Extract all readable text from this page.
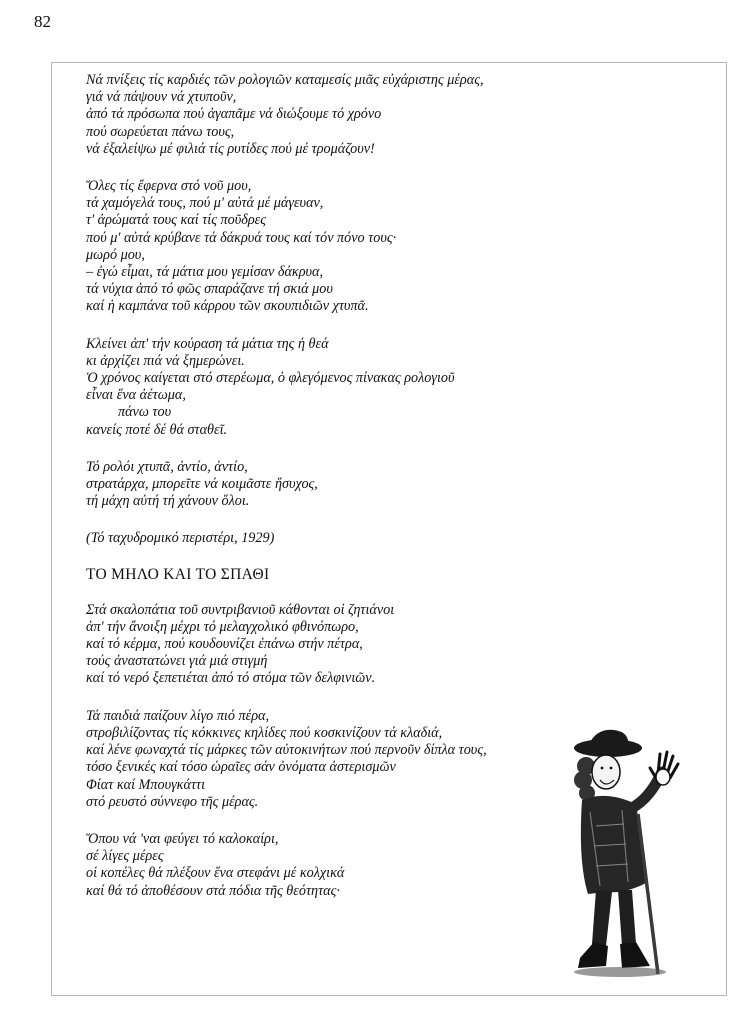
82
Νά πνίξεις τίς καρδιές τῶν ρολογιῶν καταμεσίς μιᾶς εὐχάριστης μέρας,
γιά νά πάψουν νά χτυποῦν,
ἀπό τά πρόσωπα πού ἀγαπᾶμε νά διώξουμε τό χρόνο
πού σωρεύεται πάνω τους,
νά ἐξαλείψω μέ φιλιά τίς ρυτίδες πού μέ τρομάζουν!
Ὅλες τίς ἔφερνα στό νοῦ μου,
τά χαμόγελά τους, πού μ' αὐτά μέ μάγευαν,
τ' ἀρώματά τους καί τίς ποῦδρες
πού μ' αὐτά κρύβανε τά δάκρυά τους καί τόν πόνο τους·
μωρό μου,
– ἐγώ εἶμαι, τά μάτια μου γεμίσαν δάκρυα,
τά νύχια ἀπό τό φῶς σπαράζανε τή σκιά μου
καί ἡ καμπάνα τοῦ κάρρου τῶν σκουπιδιῶν χτυπᾶ.
Κλείνει ἀπ' τήν κούραση τά μάτια της ἡ θεά
κι ἀρχίζει πιά νά ξημερώνει.
Ὁ χρόνος καίγεται στό στερέωμα, ὁ φλεγόμενος πίνακας ρολογιοῦ
εἶναι ἕνα ἀέτωμα,
πάνω του
κανείς ποτέ δέ θά σταθεῖ.
Τό ρολόι χτυπᾶ, ἀντίο, ἀντίο,
στρατάρχα, μπορεῖτε νά κοιμᾶστε ἥσυχος,
τή μάχη αὐτή τή χάνουν ὅλοι.
(Τό ταχυδρομικό περιστέρι, 1929)
ΤΟ ΜΗΛΟ ΚΑΙ ΤΟ ΣΠΑΘΙ
Στά σκαλοπάτια τοῦ συντριβανιοῦ κάθονται οἱ ζητιάνοι
ἀπ' τήν ἄνοιξη μέχρι τό μελαγχολικό φθινόπωρο,
καί τό κέρμα, πού κουδουνίζει ἐπάνω στήν πέτρα,
τούς ἀναστατώνει γιά μιά στιγμή
καί τό νερό ξεπετιέται ἀπό τό στόμα τῶν δελφινιῶν.
Τά παιδιά παίζουν λίγο πιό πέρα,
στροβιλίζοντας τίς κόκκινες κηλίδες πού κοσκινίζουν τά κλαδιά,
καί λένε φωναχτά τίς μάρκες τῶν αὐτοκινήτων πού περνοῦν δίπλα τους,
τόσο ξενικές καί τόσο ὡραῖες σάν ὀνόματα ἀστερισμῶν
Φίατ καί Μπουγκάττι
στό ρευστό σύννεφο τῆς μέρας.
Ὅπου νά 'ναι φεύγει τό καλοκαίρι,
σέ λίγες μέρες
οἱ κοπέλες θά πλέξουν ἕνα στεφάνι μέ κολχικά
καί θά τό ἀποθέσουν στά πόδια τῆς θεότητας·
